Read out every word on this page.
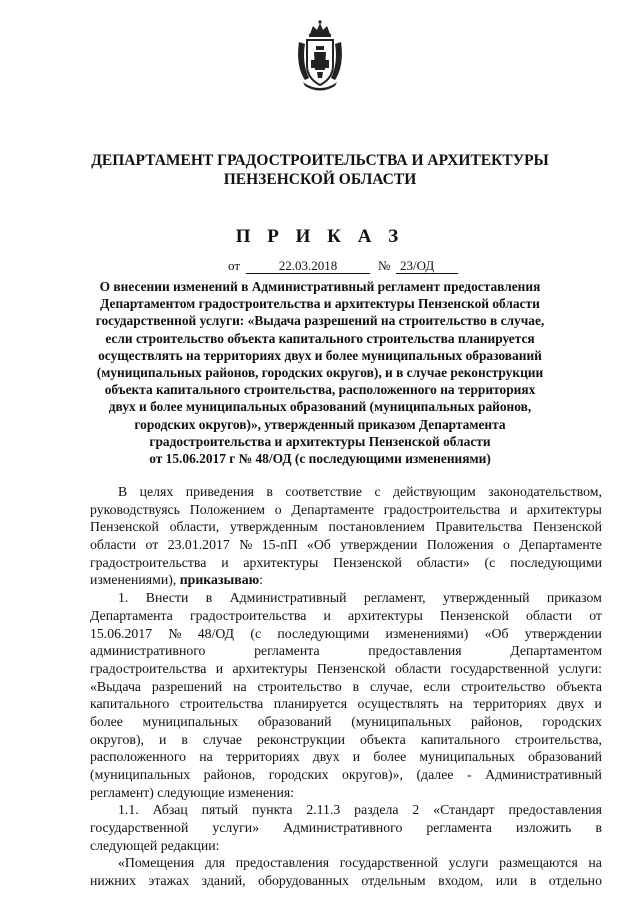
ДЕПАРТАМЕНТ ГРАДОСТРОИТЕЛЬСТВА И АРХИТЕКТУРЫ
ПЕНЗЕНСКОЙ ОБЛАСТИ
П Р И К А З
от	22.03.2018	№ 23/ОД
О внесении изменений в Административный регламент предоставления
Департаментом градостроительства и архитектуры Пензенской области
государственной услуги: «Выдача разрешений на строительство в случае,
если строительство объекта капитального строительства планируется
осуществлять на территориях двух и более муниципальных образований
(муниципальных районов, городских округов), и в случае реконструкции
объекта капитального строительства, расположенного на территориях
двух и более муниципальных образований (муниципальных районов,
городских округов)», утвержденный приказом Департамента
градостроительства и архитектуры Пензенской области
от 15.06.2017 г № 48/ОД (с последующими изменениями)
В целях приведения в соответствие с действующим законодательством,
руководствуясь Положением о Департаменте градостроительства и архитектуры
Пензенской области, утвержденным постановлением Правительства Пензенской
области от 23.01.2017 № 15-пП «Об утверждении Положения о Департаменте
градостроительства и архитектуры Пензенской области» (с последующими
изменениями), приказываю :
1. Внести в Административный регламент, утвержденный приказом
Департамента градостроительства и архитектуры Пензенской области от
15.06.2017 № 48/ОД (с последующими изменениями) «Об утверждении
административного	регламента	предоставления	Департаментом
градостроительства и архитектуры Пензенской области государственной услуги:
«Выдача разрешений на строительство в случае, если строительство объекта
капитального строительства планируется осуществлять на территориях двух и
более муниципальных образований (муниципальных районов, городских
округов), и в случае реконструкции объекта капитального строительства,
расположенного на территориях двух и более муниципальных образований
(муниципальных районов, городских округов)», (далее - Административный
регламент) следующие изменения:
1.1. Абзац пятый пункта 2.11.3 раздела 2 «Стандарт предоставления
государственной услуги» Административного регламента изложить в
следующей редакции:
«Помещения для предоставления государственной услуги размещаются на
нижних этажах зданий, оборудованных отдельным входом, или в отдельно
